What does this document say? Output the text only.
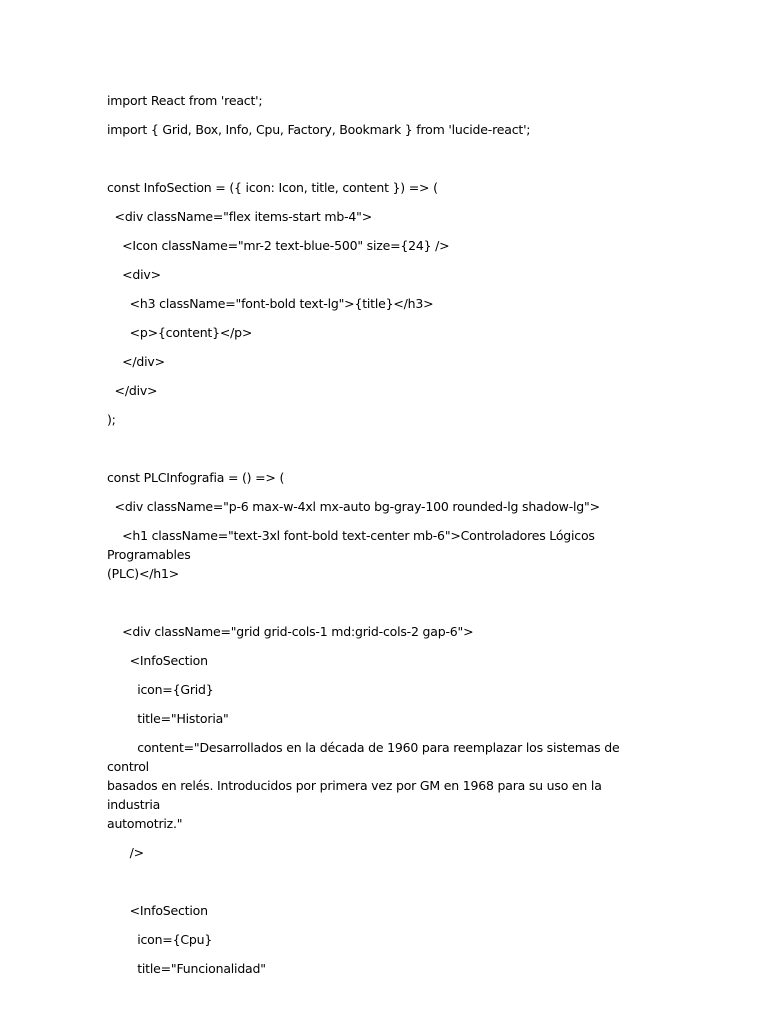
import React from 'react';

import { Grid, Box, Info, Cpu, Factory, Bookmark } from 'lucide-react';

const InfoSection = ({ icon: Icon, title, content }) => (

<div className="flex items-start mb-4">

<Icon className="mr-2 text-blue-500" size={24} />

<div>

<h3 className="font-bold text-lg">{title}</h3>

<p>{content}</p>

</div>

</div>

);

const PLCInfografia = () => (

<div className="p-6 max-w-4xl mx-auto bg-gray-100 rounded-lg shadow-lg">

<h1 className="text-3xl font-bold text-center mb-6">Controladores Lógicos Programables
(PLC)</h1>

<div className="grid grid-cols-1 md:grid-cols-2 gap-6">

<InfoSection

icon={Grid}

title="Historia"

content="Desarrollados en la década de 1960 para reemplazar los sistemas de control
basados en relés. Introducidos por primera vez por GM en 1968 para su uso en la industria
automotriz."

/>

<InfoSection

icon={Cpu}

title="Funcionalidad"
